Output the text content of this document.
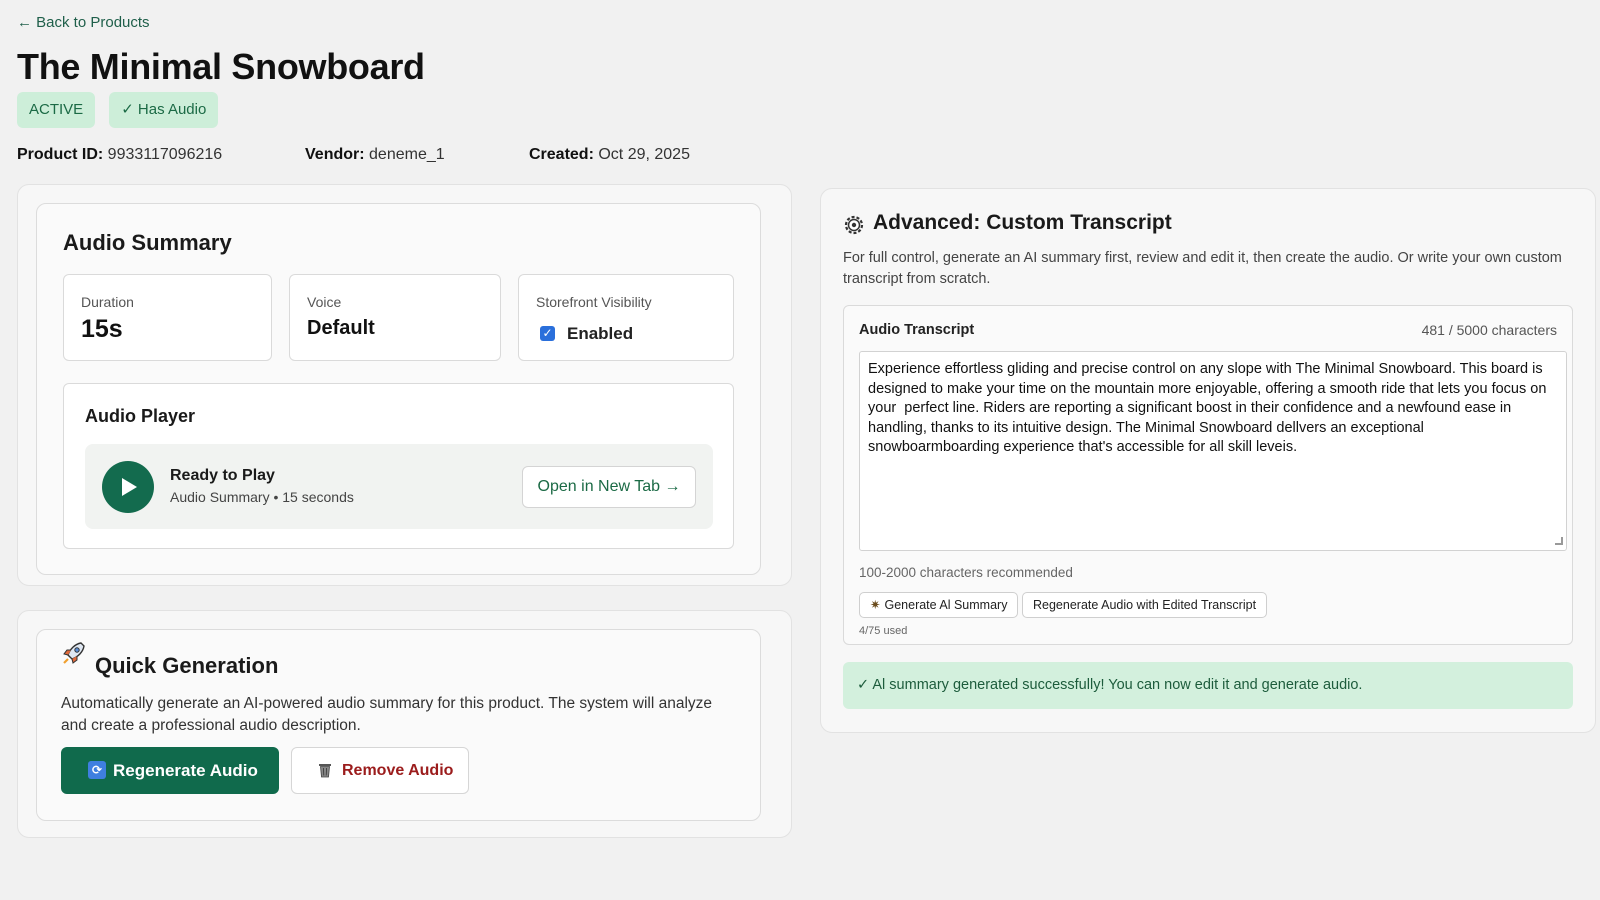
← Back to Products
The Minimal Snowboard
ACTIVE	✓ Has Audio
Product ID: 9933117096216	Vendor: deneme_1	Created: Oct 29, 2025
Audio Summary
Duration
15s
Voice
Default
Storefront Visibility
✓ Enabled
Audio Player
Ready to Play
Audio Summary • 15 seconds
Open in New Tab →
Quick Generation
Automatically generate an AI-powered audio summary for this product. The system will analyze and create a professional audio description.
⟳ Regenerate Audio	Remove Audio
Audio Transcript	481 / 5000 characters
Experience effortless gliding and precise control on any slope with The Minimal Snowboard. This board is designed to make your time on the mountain more enjoyable, offering a smooth ride that lets you focus on your perfect line. Riders are reporting a significant boost in their confidence and a newfound ease in handling, thanks to its intuitive design. The Minimal Snowboard dellvers an exceptional snowboarmboarding experience that's accessible for all skill leveis.
100-2000 characters recommended
✷ Generate Al Summary	Regenerate Audio with Edited Transcript
4/75 used
Advanced: Custom Transcript
For full control, generate an AI summary first, review and edit it, then create the audio. Or write your own custom transcript from scratch.
✓ Al summary generated successfully! You can now edit it and generate audio.
